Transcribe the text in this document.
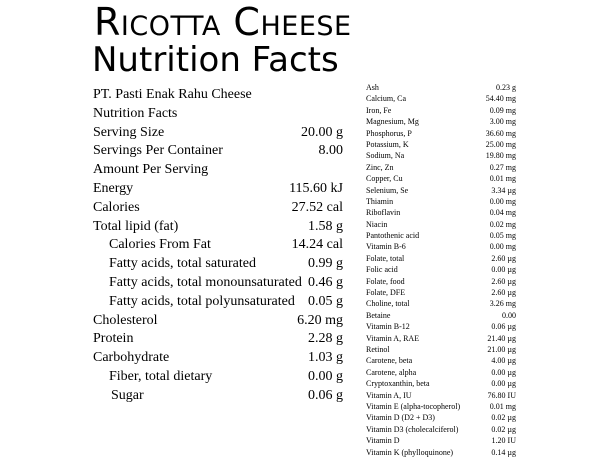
Ricotta Cheese
Nutrition Facts
PT. Pasti Enak Rahu Cheese
Nutrition Facts
Serving Size	20.00 g
Servings Per Container	8.00
Amount Per Serving
Energy	115.60 kJ
Calories	27.52 cal
Total lipid (fat)	1.58 g
Calories From Fat	14.24 cal
Fatty acids, total saturated	0.99 g
Fatty acids, total monounsaturated 0.46 g
Fatty acids, total polyunsaturated 0.05 g
Cholesterol	6.20 mg
Protein	2.28 g
Carbohydrate	1.03 g
Fiber, total dietary	0.00 g
Sugar	0.06 g
Ash	0.23 g
Calcium, Ca	54.40 mg
Iron, Fe	0.09 mg
Magnesium, Mg	3.00 mg
Phosphorus, P	36.60 mg
Potassium, K	25.00 mg
Sodium, Na	19.80 mg
Zinc, Zn	0.27 mg
Copper, Cu	0.01 mg
Selenium, Se	3.34 µg
Thiamin	0.00 mg
Riboflavin	0.04 mg
Niacin	0.02 mg
Pantothenic acid	0.05 mg
Vitamin B-6	0.00 mg
Folate, total	2.60 µg
Folic acid	0.00 µg
Folate, food	2.60 µg
Folate, DFE	2.60 µg
Choline, total	3.26 mg
Betaine	0.00
Vitamin B-12	0.06 µg
Vitamin A, RAE	21.40 µg
Retinol	21.00 µg
Carotene, beta	4.00 µg
Carotene, alpha	0.00 µg
Cryptoxanthin, beta	0.00 µg
Vitamin A, IU	76.80 IU
Vitamin E (alpha-tocopherol)	0.01 mg
Vitamin D (D2 + D3)	0.02 µg
Vitamin D3 (cholecalciferol)	0.02 µg
Vitamin D	1.20 IU
Vitamin K (phylloquinone)	0.14 µg
